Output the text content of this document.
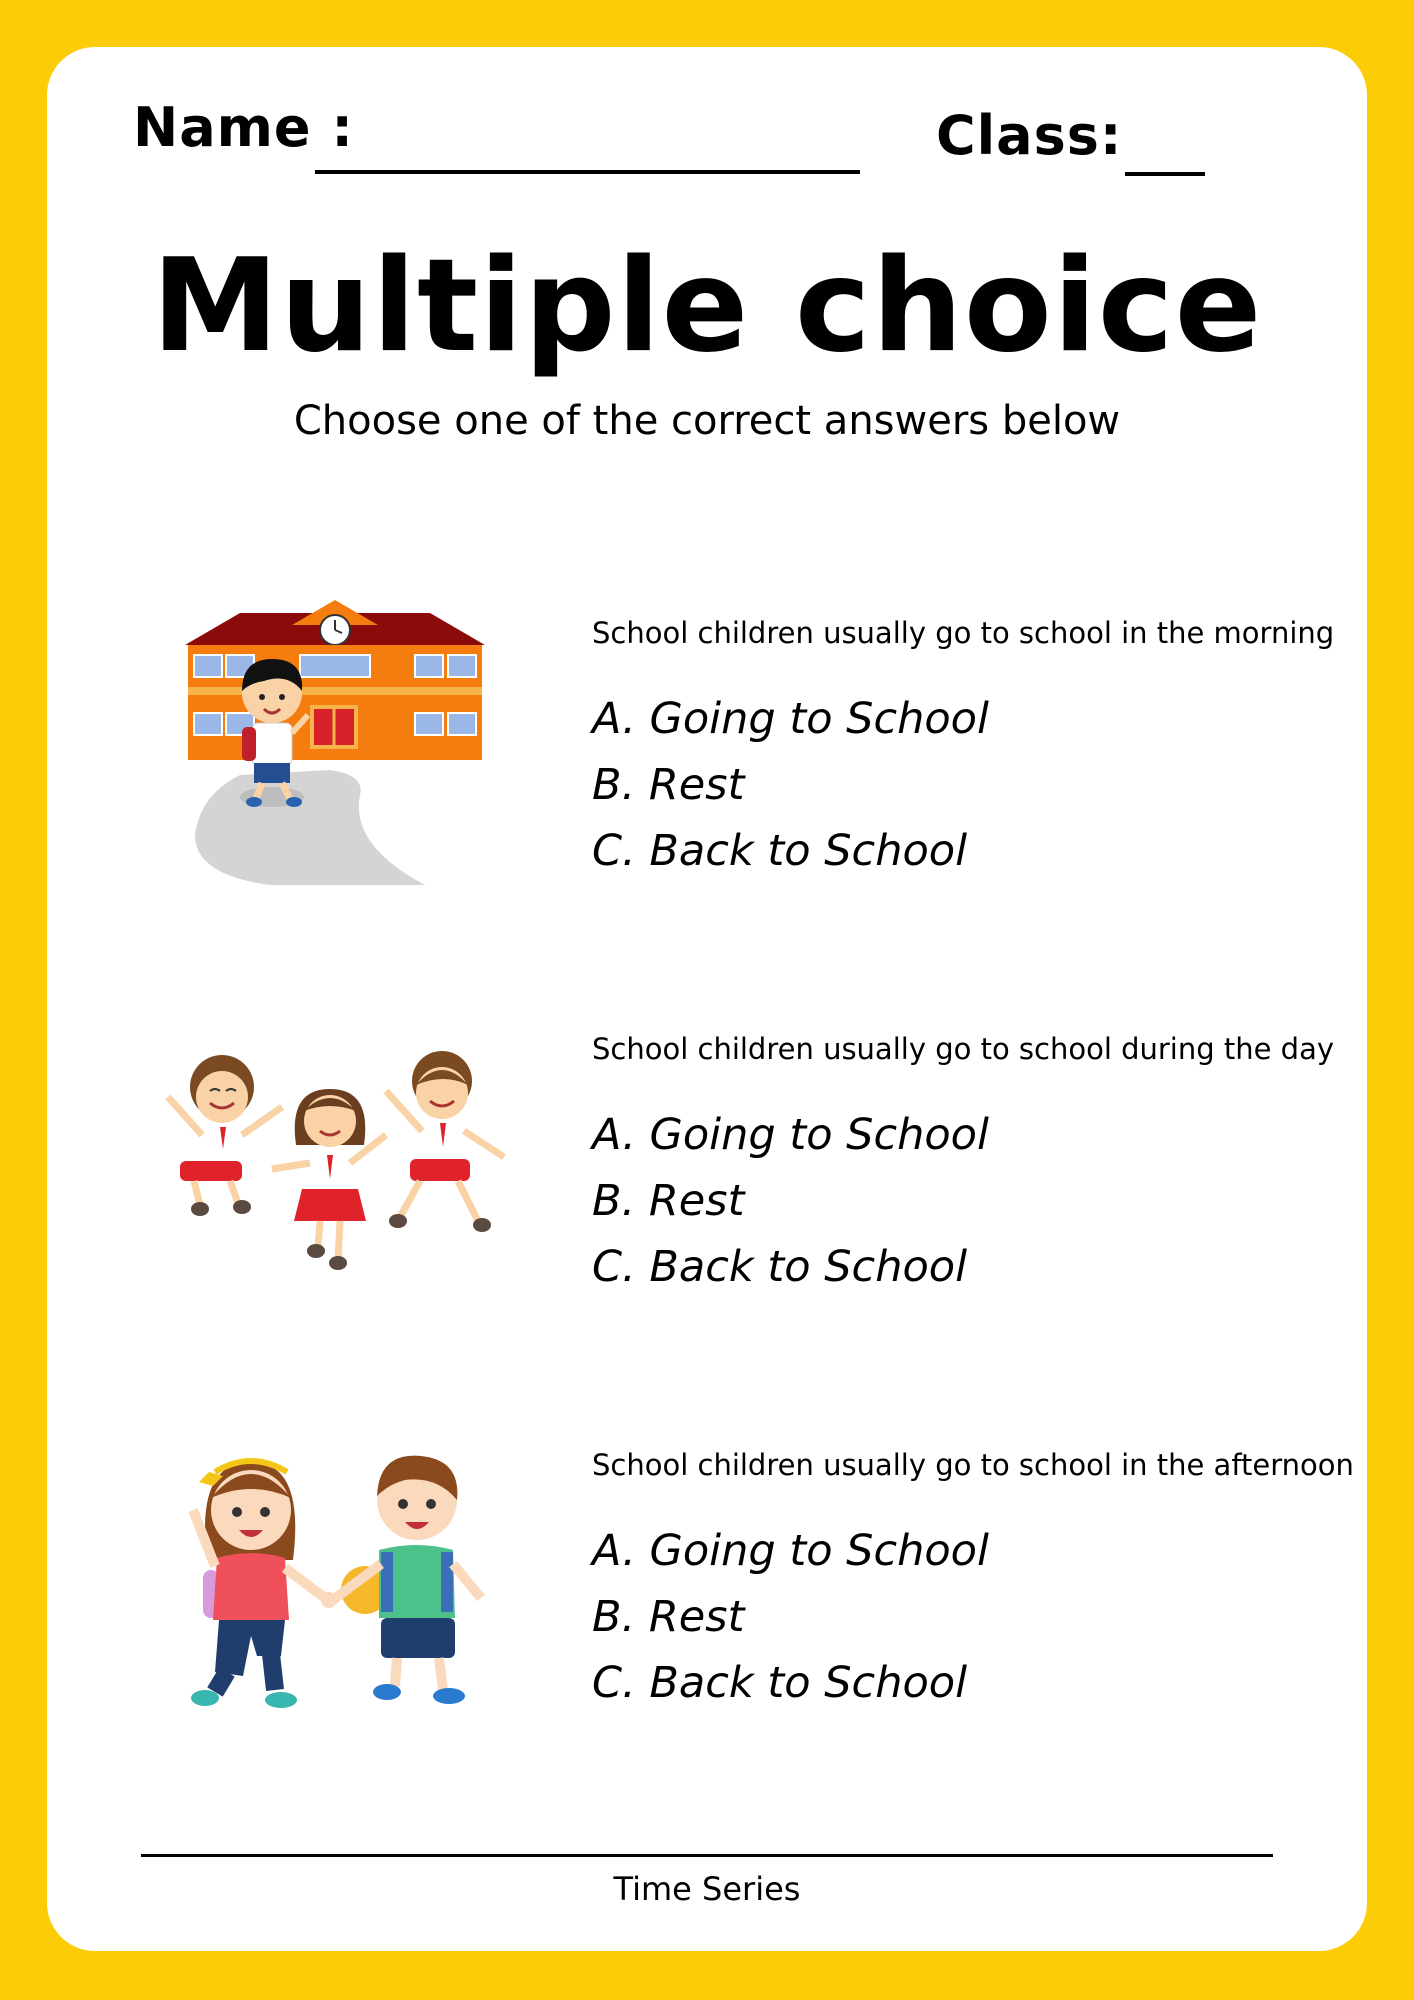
Name :	Class:
Multiple choice
Choose one of the correct answers below
School children usually go to school in the morning
A. Going to School
B. Rest
C. Back to School
School children usually go to school during the day
A. Going to School
B. Rest
C. Back to School
School children usually go to school in the afternoon
A. Going to School
B. Rest
C. Back to School
Time Series
